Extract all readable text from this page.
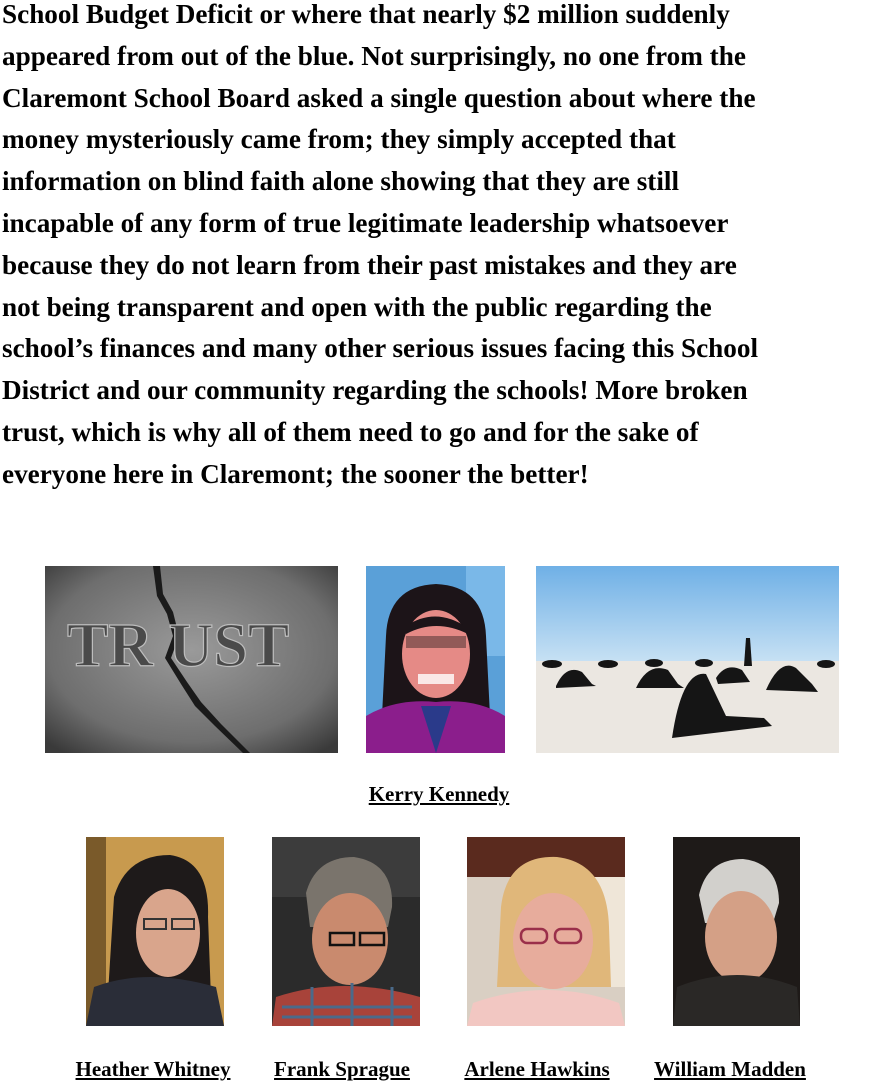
School Budget Deficit or where that nearly $2 million suddenly
appeared from out of the blue. Not surprisingly, no one from the
Claremont School Board asked a single question about where the
money mysteriously came from; they simply accepted that
information on blind faith alone showing that they are still
incapable of any form of true legitimate leadership whatsoever
because they do not learn from their past mistakes and they are
not being transparent and open with the public regarding the
school’s finances and many other serious issues facing this School
District and our community regarding the schools! More broken
trust, which is why all of them need to go and for the sake of
everyone here in Claremont; the sooner the better!
TR UST
Kerry Kennedy
Heather Whitney	Frank Sprague	Arlene Hawkins	William Madden
